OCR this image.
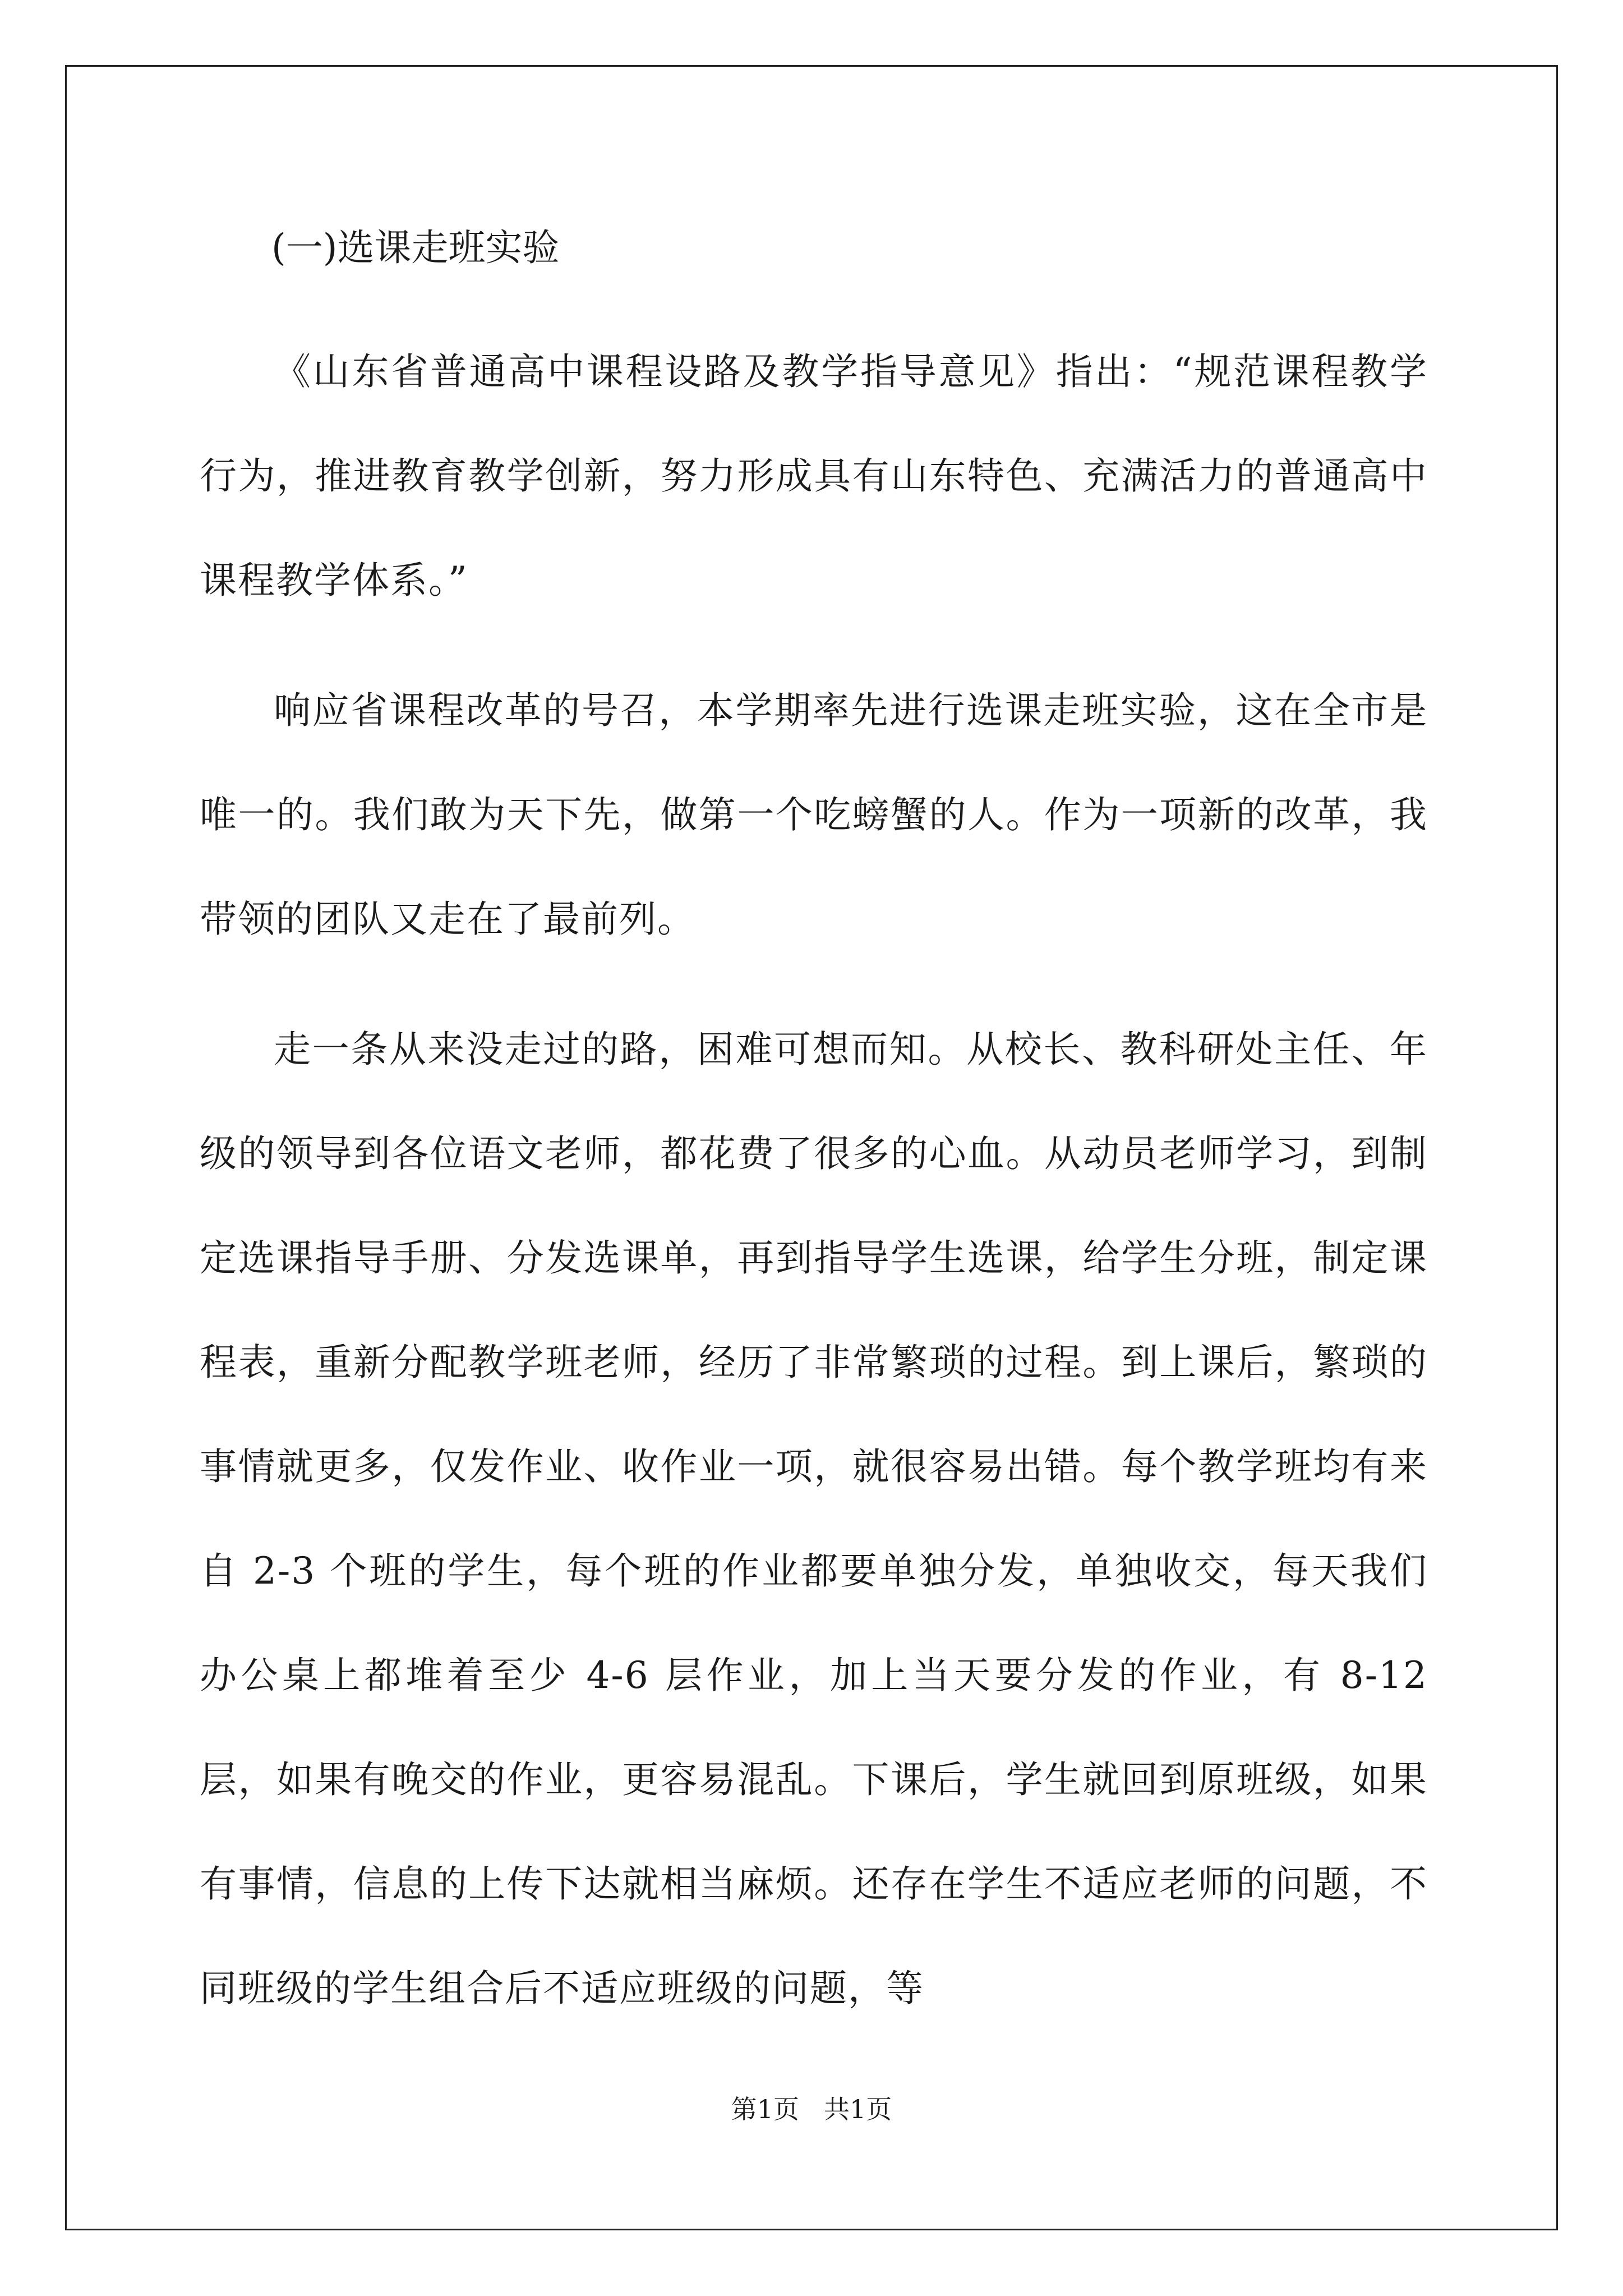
(一)选课走班实验

《山东省普通高中课程设路及教学指导意见》指出：“规范课程教学行为，推进教育教学创新，努力形成具有山东特色、充满活力的普通高中课程教学体系。”

响应省课程改革的号召，本学期率先进行选课走班实验，这在全市是唯一的。我们敢为天下先，做第一个吃螃蟹的人。作为一项新的改革，我带领的团队又走在了最前列。

走一条从来没走过的路，困难可想而知。从校长、教科研处主任、年级的领导到各位语文老师，都花费了很多的心血。从动员老师学习，到制定选课指导手册、分发选课单，再到指导学生选课，给学生分班，制定课程表，重新分配教学班老师，经历了非常繁琐的过程。到上课后，繁琐的事情就更多，仅发作业、收作业一项，就很容易出错。每个教学班均有来自 2-3 个班的学生，每个班的作业都要单独分发，单独收交，每天我们办公桌上都堆着至少 4-6 层作业，加上当天要分发的作业，有 8-12 层，如果有晚交的作业，更容易混乱。下课后，学生就回到原班级，如果有事情，信息的上传下达就相当麻烦。还存在学生不适应老师的问题，不同班级的学生组合后不适应班级的问题，等

第1页 共1页
